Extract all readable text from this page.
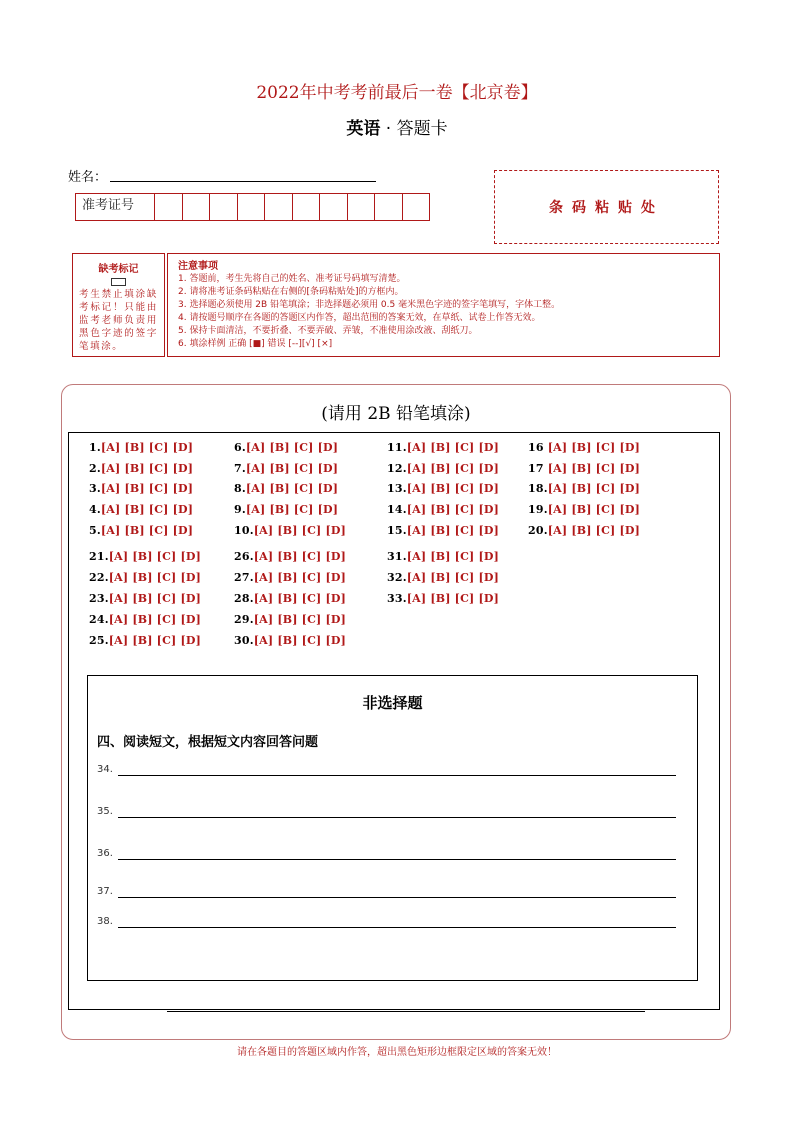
2022年中考考前最后一卷【北京卷】
英语 · 答题卡
姓名：
准考证号	条码粘贴处
缺考标记
考生禁止填涂缺考标记！只能由监考老师负责用黑色字迹的签字笔填涂。
注意事项
1. 答题前，考生先将自己的姓名、准考证号码填写清楚。
2. 请将准考证条码粘贴在右侧的[条码粘贴处]的方框内。
3. 选择题必须使用 2B 铅笔填涂；非选择题必须用 0.5 毫米黑色字迹的签字笔填写，字体工整。
4. 请按题号顺序在各题的答题区内作答，超出范围的答案无效，在草纸、试卷上作答无效。
5. 保持卡面清洁，不要折叠、不要弄破、弄皱，不准使用涂改液、刮纸刀。
6. 填涂样例 正确 [■] 错误 [--][√] [×]
(请用 2B 铅笔填涂)
1.[A] [B] [C] [D]
2.[A] [B] [C] [D]
3.[A] [B] [C] [D]
4.[A] [B] [C] [D]
5.[A] [B] [C] [D]
6.[A] [B] [C] [D]
7.[A] [B] [C] [D]
8.[A] [B] [C] [D]
9.[A] [B] [C] [D]
10.[A] [B] [C] [D]
11.[A] [B] [C] [D]
12.[A] [B] [C] [D]
13.[A] [B] [C] [D]
14.[A] [B] [C] [D]
15.[A] [B] [C] [D]
16 [A] [B] [C] [D]
17 [A] [B] [C] [D]
18.[A] [B] [C] [D]
19.[A] [B] [C] [D]
20.[A] [B] [C] [D]
21.[A] [B] [C] [D]
22.[A] [B] [C] [D]
23.[A] [B] [C] [D]
24.[A] [B] [C] [D]
25.[A] [B] [C] [D]
26.[A] [B] [C] [D]
27.[A] [B] [C] [D]
28.[A] [B] [C] [D]
29.[A] [B] [C] [D]
30.[A] [B] [C] [D]
31.[A] [B] [C] [D]
32.[A] [B] [C] [D]
33.[A] [B] [C] [D]
非选择题
四、阅读短文，根据短文内容回答问题
34.
35.
36.
37.
38.
请在各题目的答题区域内作答，超出黑色矩形边框限定区域的答案无效！
